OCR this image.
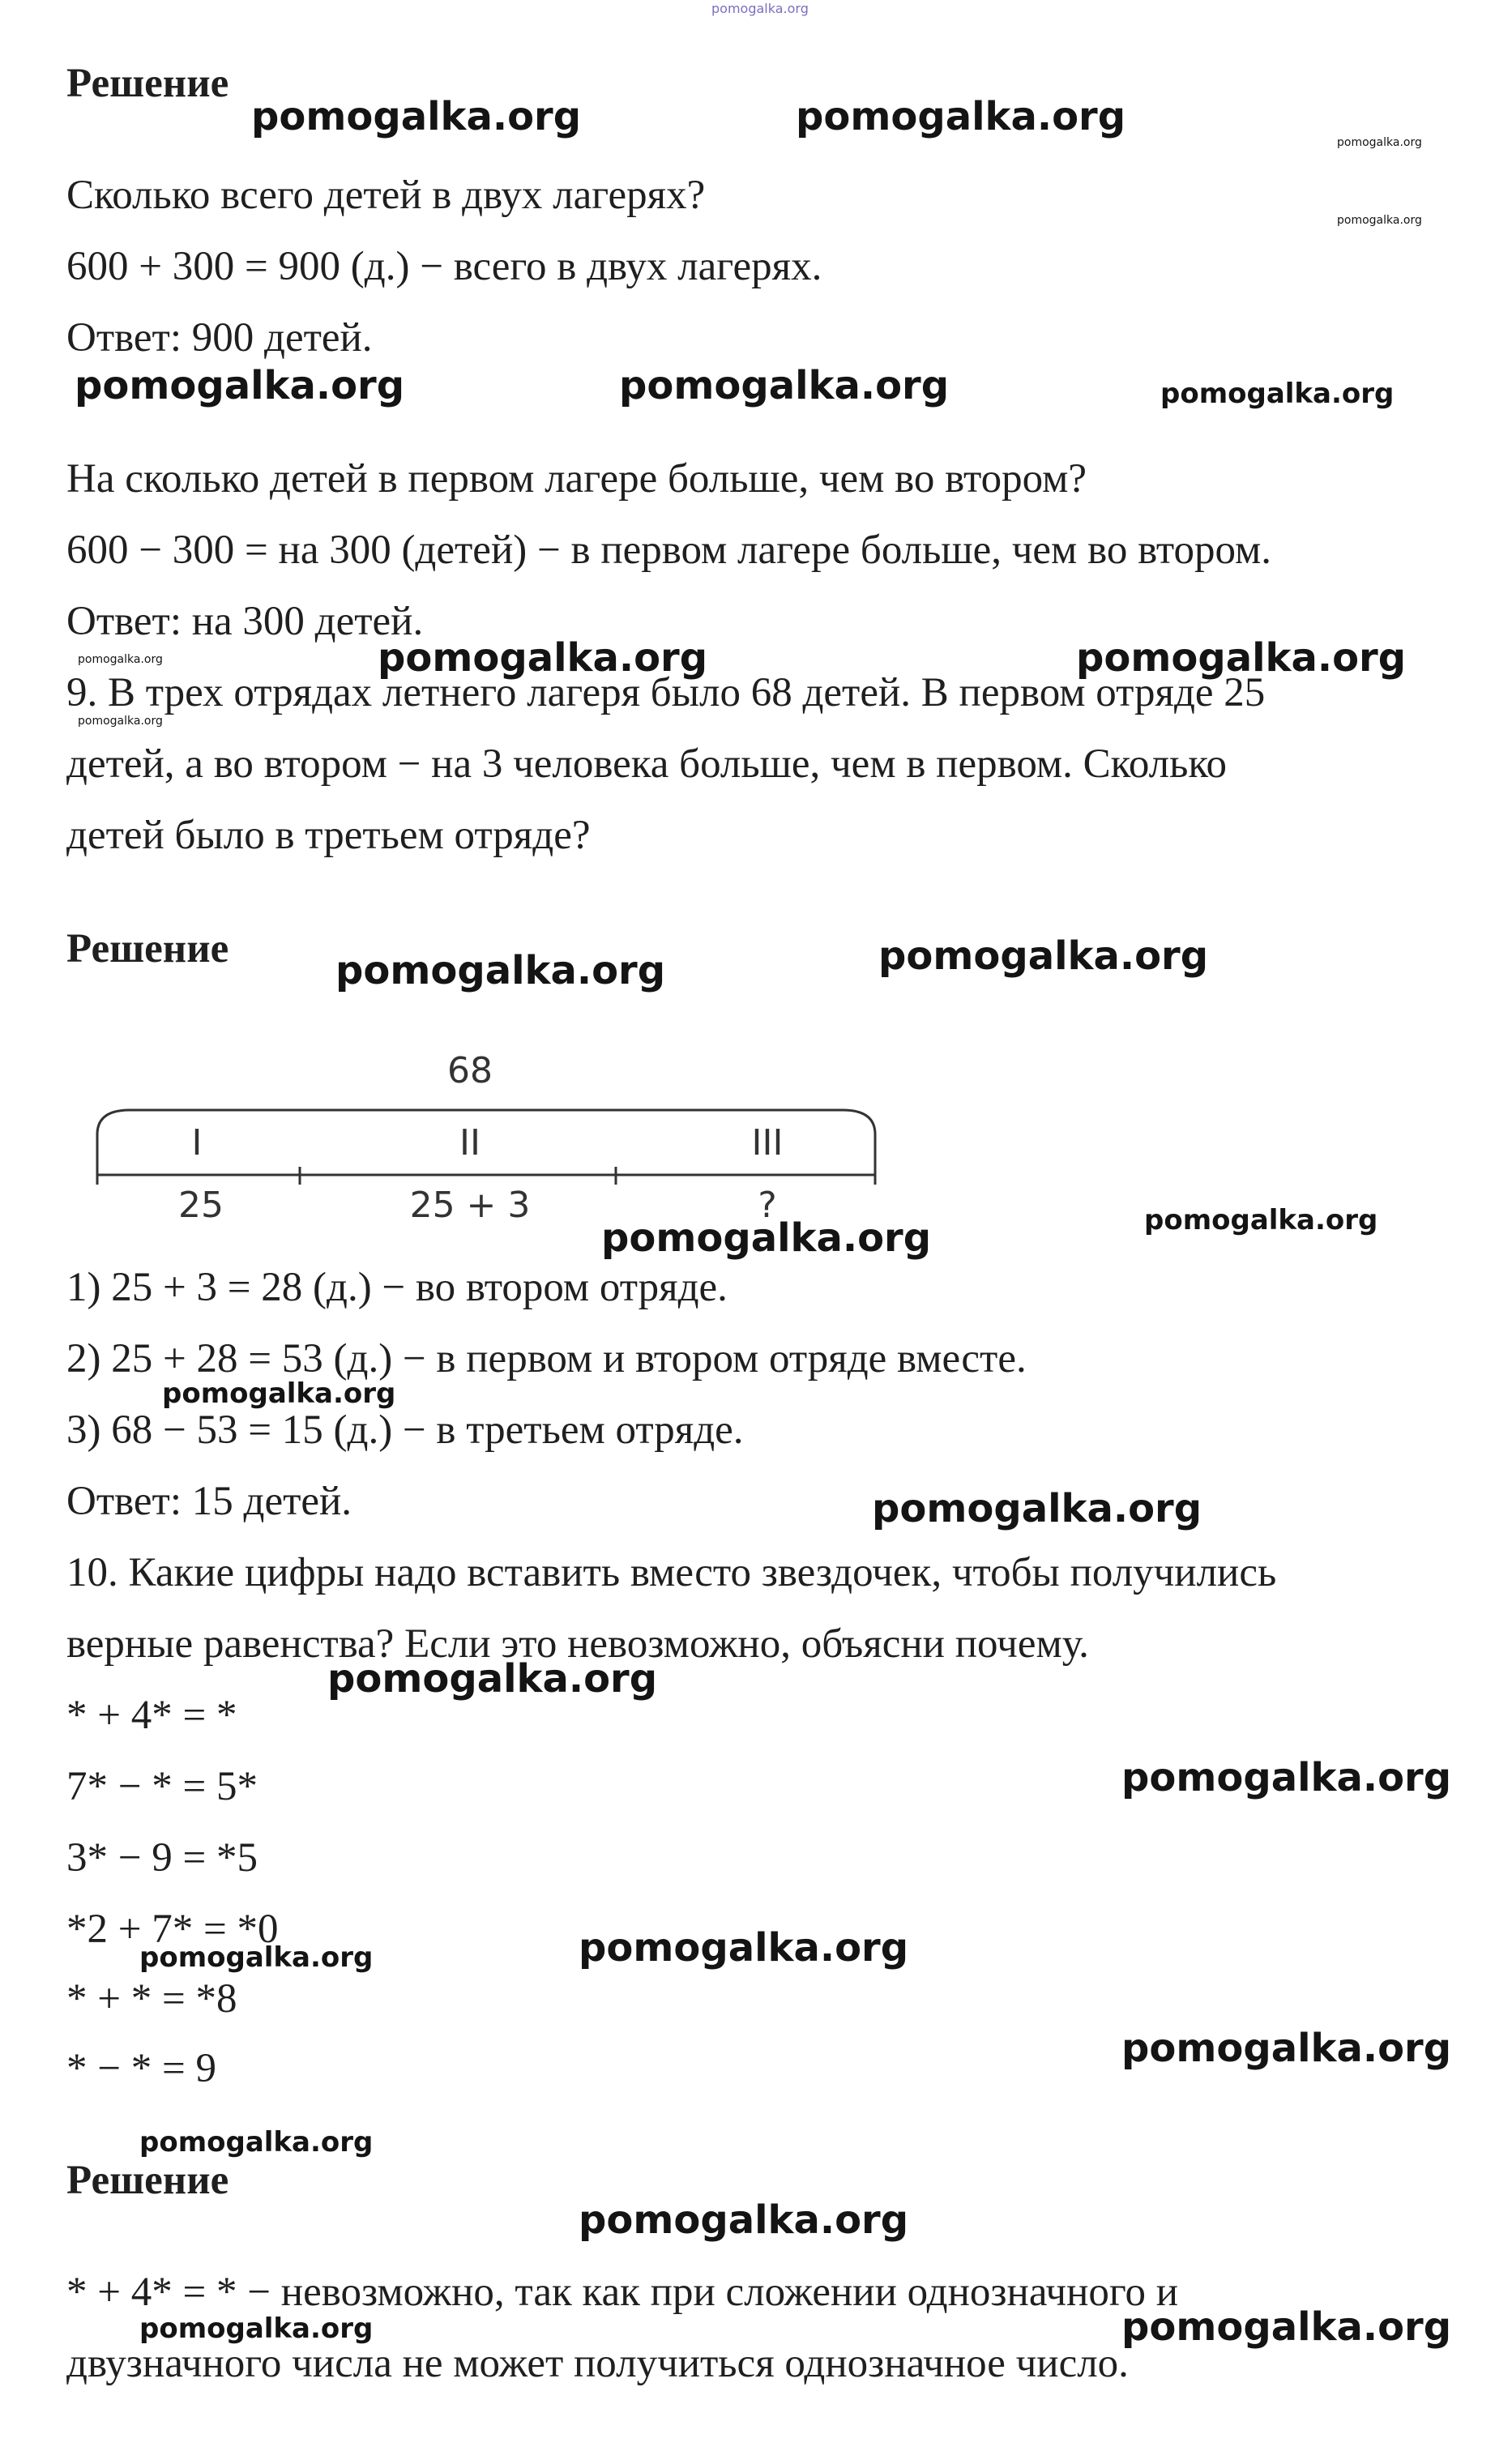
pomogalka.org

Решение

Сколько всего детей в двух лагерях?

600 + 300 = 900 (д.) − всего в двух лагерях.

Ответ: 900 детей.

На сколько детей в первом лагере больше, чем во втором?

600 − 300 = на 300 (детей) − в первом лагере больше, чем во втором.

Ответ: на 300 детей.

9. В трех отрядах летнего лагеря было 68 детей. В первом отряде 25

детей, а во втором − на 3 человека больше, чем в первом. Сколько

детей было в третьем отряде?

Решение

68
I	II	III
25	25 + 3	?

1) 25 + 3 = 28 (д.) − во втором отряде.

2) 25 + 28 = 53 (д.) − в первом и втором отряде вместе.

3) 68 − 53 = 15 (д.) − в третьем отряде.

Ответ: 15 детей.

10. Какие цифры надо вставить вместо звездочек, чтобы получились

верные равенства? Если это невозможно, объясни почему.

* + 4* = *

7* − * = 5*

3* − 9 = *5

*2 + 7* = *0

* + * = *8

* − * = 9

Решение

* + 4* = * − невозможно, так как при сложении однозначного и

двузначного числа не может получиться однозначное число.

pomogalka.org	pomogalka.org
pomogalka.org
pomogalka.org
pomogalka.org	pomogalka.org	pomogalka.org
pomogalka.org
pomogalka.org
pomogalka.org	pomogalka.org
pomogalka.org	pomogalka.org
pomogalka.org	pomogalka.org
pomogalka.org
pomogalka.org
pomogalka.org
pomogalka.org
pomogalka.org
pomogalka.org
pomogalka.org
pomogalka.org
pomogalka.org
pomogalka.org	pomogalka.org
